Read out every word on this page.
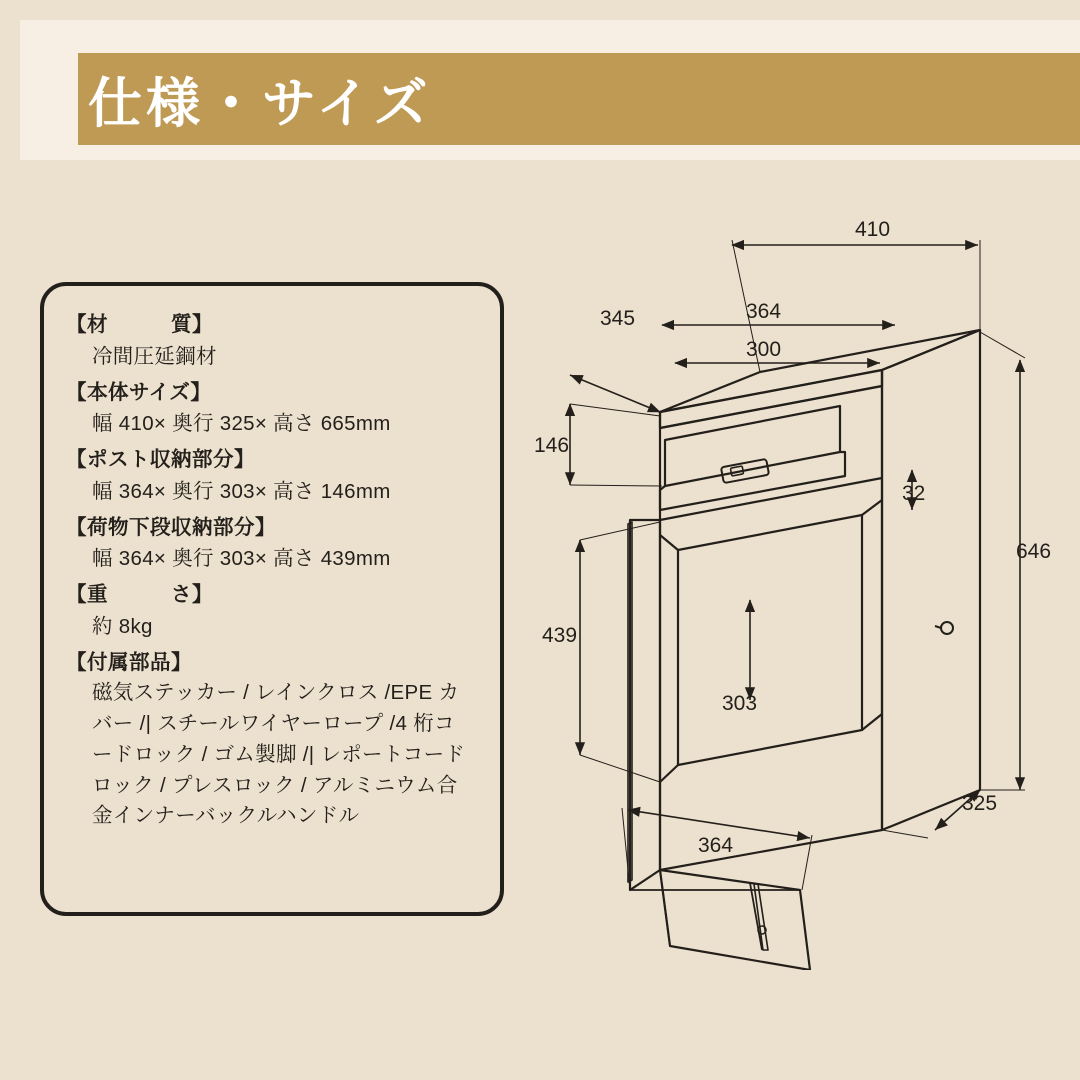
仕様・サイズ
【材　　　質】
冷間圧延鋼材
【本体サイズ】
幅 410× 奥行 325× 高さ 665mm
【ポスト収納部分】
幅 364× 奥行 303× 高さ 146mm
【荷物下段収納部分】
幅 364× 奥行 303× 高さ 439mm
【重　　　さ】
約 8kg
【付属部品】
磁気ステッカー / レインクロス /EPE カバー /| スチールワイヤーロープ /4 桁コードロック / ゴム製脚 /| レポートコードロック / プレスロック / アルミニウム合金インナーバックルハンドル
410
345	364
300
146
32
646
439
303
364
325
